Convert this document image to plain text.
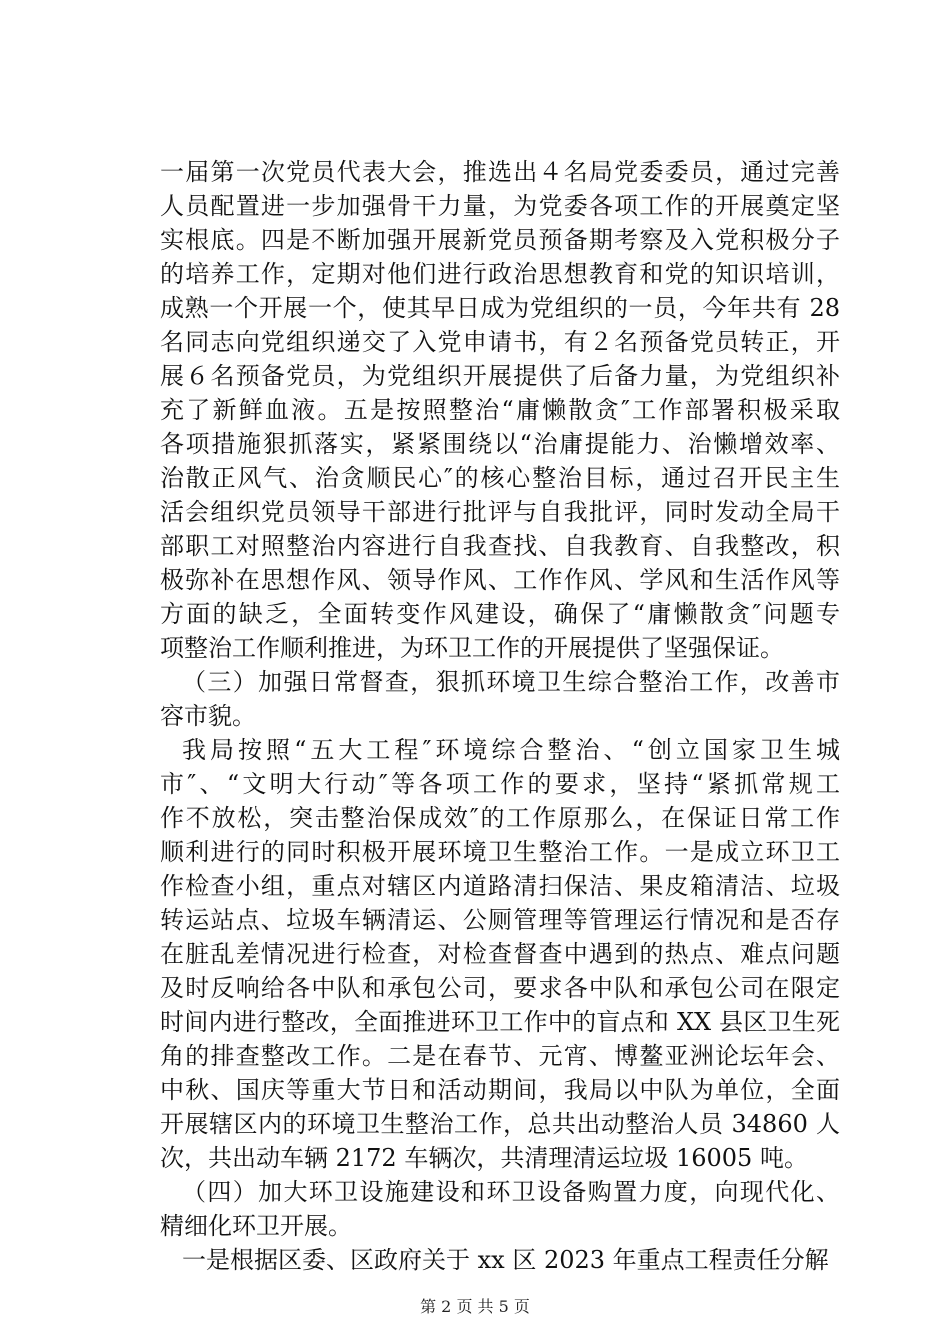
一届第一次党员代表大会，推选出４名局党委委员，通过完善
人员配置进一步加强骨干力量，为党委各项工作的开展奠定坚
实根底。四是不断加强开展新党员预备期考察及入党积极分子
的培养工作，定期对他们进行政治思想教育和党的知识培训，
成熟一个开展一个，使其早日成为党组织的一员，今年共有 28
名同志向党组织递交了入党申请书，有２名预备党员转正，开
展６名预备党员，为党组织开展提供了后备力量，为党组织补
充了新鲜血液。五是按照整治“庸懒散贪″工作部署积极采取
各项措施狠抓落实，紧紧围绕以“治庸提能力、治懒增效率、
治散正风气、治贪顺民心″的核心整治目标，通过召开民主生
活会组织党员领导干部进行批评与自我批评，同时发动全局干
部职工对照整治内容进行自我查找、自我教育、自我整改，积
极弥补在思想作风、领导作风、工作作风、学风和生活作风等
方面的缺乏，全面转变作风建设，确保了“庸懒散贪″问题专
项整治工作顺利推进，为环卫工作的开展提供了坚强保证。
（三）加强日常督查，狠抓环境卫生综合整治工作，改善市
容市貌。
我局按照“五大工程″环境综合整治、“创立国家卫生城
市″、“文明大行动″等各项工作的要求，坚持“紧抓常规工
作不放松，突击整治保成效″的工作原那么，在保证日常工作
顺利进行的同时积极开展环境卫生整治工作。一是成立环卫工
作检查小组，重点对辖区内道路清扫保洁、果皮箱清洁、垃圾
转运站点、垃圾车辆清运、公厕管理等管理运行情况和是否存
在脏乱差情况进行检查，对检查督查中遇到的热点、难点问题
及时反响给各中队和承包公司，要求各中队和承包公司在限定
时间内进行整改，全面推进环卫工作中的盲点和 XX 县区卫生死
角的排查整改工作。二是在春节、元宵、博鳌亚洲论坛年会、
中秋、国庆等重大节日和活动期间，我局以中队为单位，全面
开展辖区内的环境卫生整治工作，总共出动整治人员 34860 人
次，共出动车辆 2172 车辆次，共清理清运垃圾 16005 吨。
（四）加大环卫设施建设和环卫设备购置力度，向现代化、
精细化环卫开展。
第 2 页 共 5 页
一是根据区委、区政府关于 xx 区 2023 年重点工程责任分解
